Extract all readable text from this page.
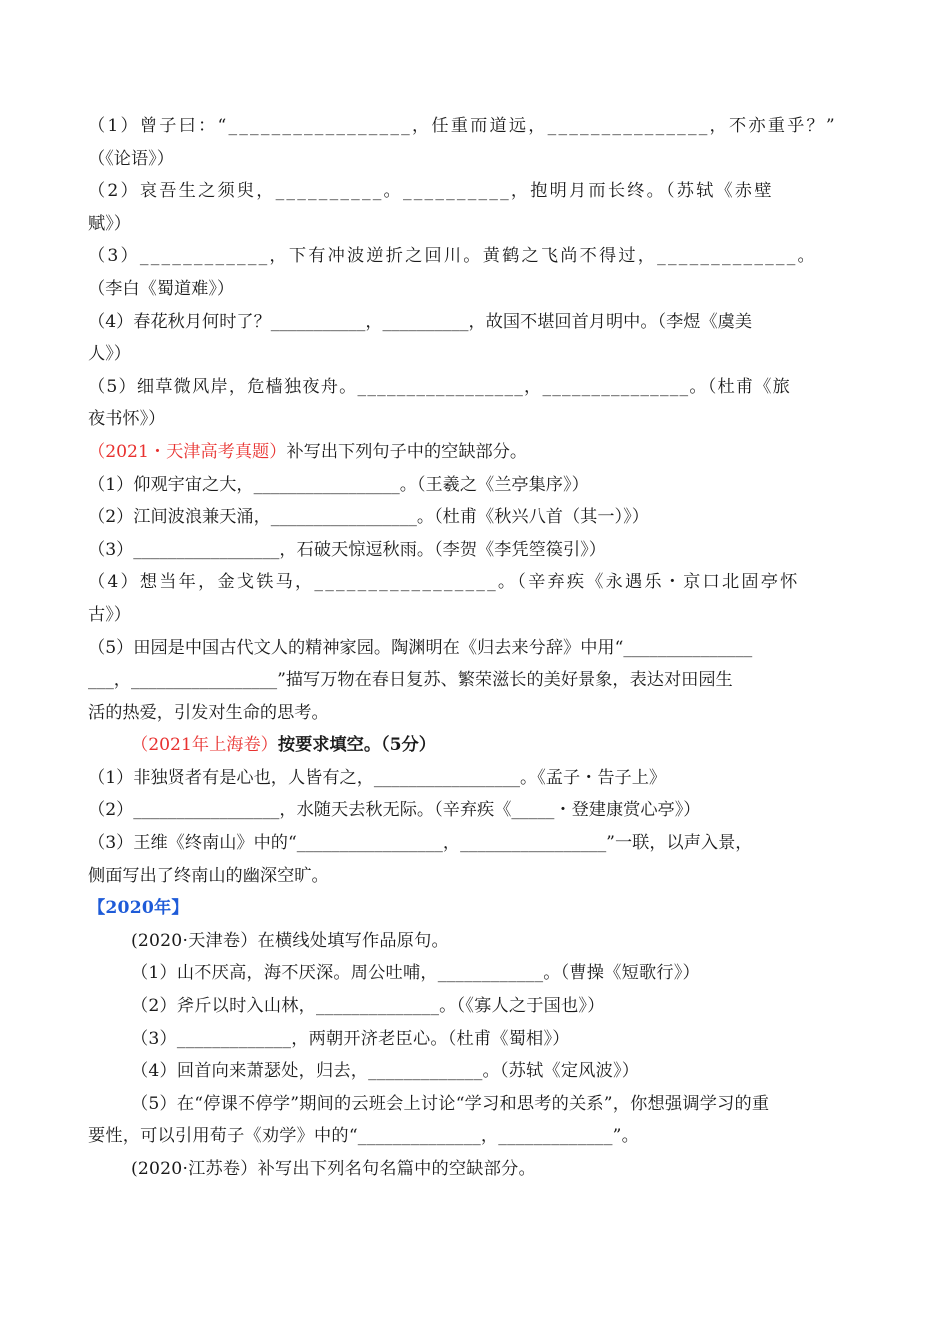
（1）曾子曰：“_________________，任重而道远，_______________，不亦重乎？”
（《论语》）
（2）哀吾生之须臾，__________。__________，抱明月而长终。（苏轼《赤壁
赋》）
（3）____________，下有冲波逆折之回川。黄鹤之飞尚不得过，_____________。
（李白《蜀道难》）
（4）春花秋月何时了？___________，__________，故国不堪回首月明中。（李煜《虞美
人》）
（5）细草微风岸，危樯独夜舟。_________________，_______________。（杜甫《旅
夜书怀》）
（2021・天津高考真题）补写出下列句子中的空缺部分。
（1）仰观宇宙之大，_________________。（王羲之《兰亭集序》）
（2）江间波浪兼天涌，_________________。（杜甫《秋兴八首（其一）》）
（3）_________________，石破天惊逗秋雨。（李贺《李凭箜篌引》）
（4）想当年，金戈铁马，_________________。（辛弃疾《永遇乐・京口北固亭怀
古》）
（5）田园是中国古代文人的精神家园。陶渊明在《归去来兮辞》中用“_______________
___，_________________”描写万物在春日复苏、繁荣滋长的美好景象，表达对田园生
活的热爱，引发对生命的思考。
（2021年上海卷）按要求填空。（5分）
（1）非独贤者有是心也，人皆有之，_________________。《孟子・告子上》
（2）_________________，水随天去秋无际。（辛弃疾《_____・登建康赏心亭》）
（3）王维《终南山》中的“_________________，_________________”一联，以声入景，
侧面写出了终南山的幽深空旷。
【2020年】
(2020·天津卷）在横线处填写作品原句。
（1）山不厌高，海不厌深。周公吐哺，____________。（曹操《短歌行》）
（2）斧斤以时入山林，______________。（《寡人之于国也》）
（3）_____________，两朝开济老臣心。（杜甫《蜀相》）
（4）回首向来萧瑟处，归去，_____________。（苏轼《定风波》）
（5）在“停课不停学”期间的云班会上讨论“学习和思考的关系”，你想强调学习的重
要性，可以引用荀子《劝学》中的“______________，_____________”。
(2020·江苏卷）补写出下列名句名篇中的空缺部分。
